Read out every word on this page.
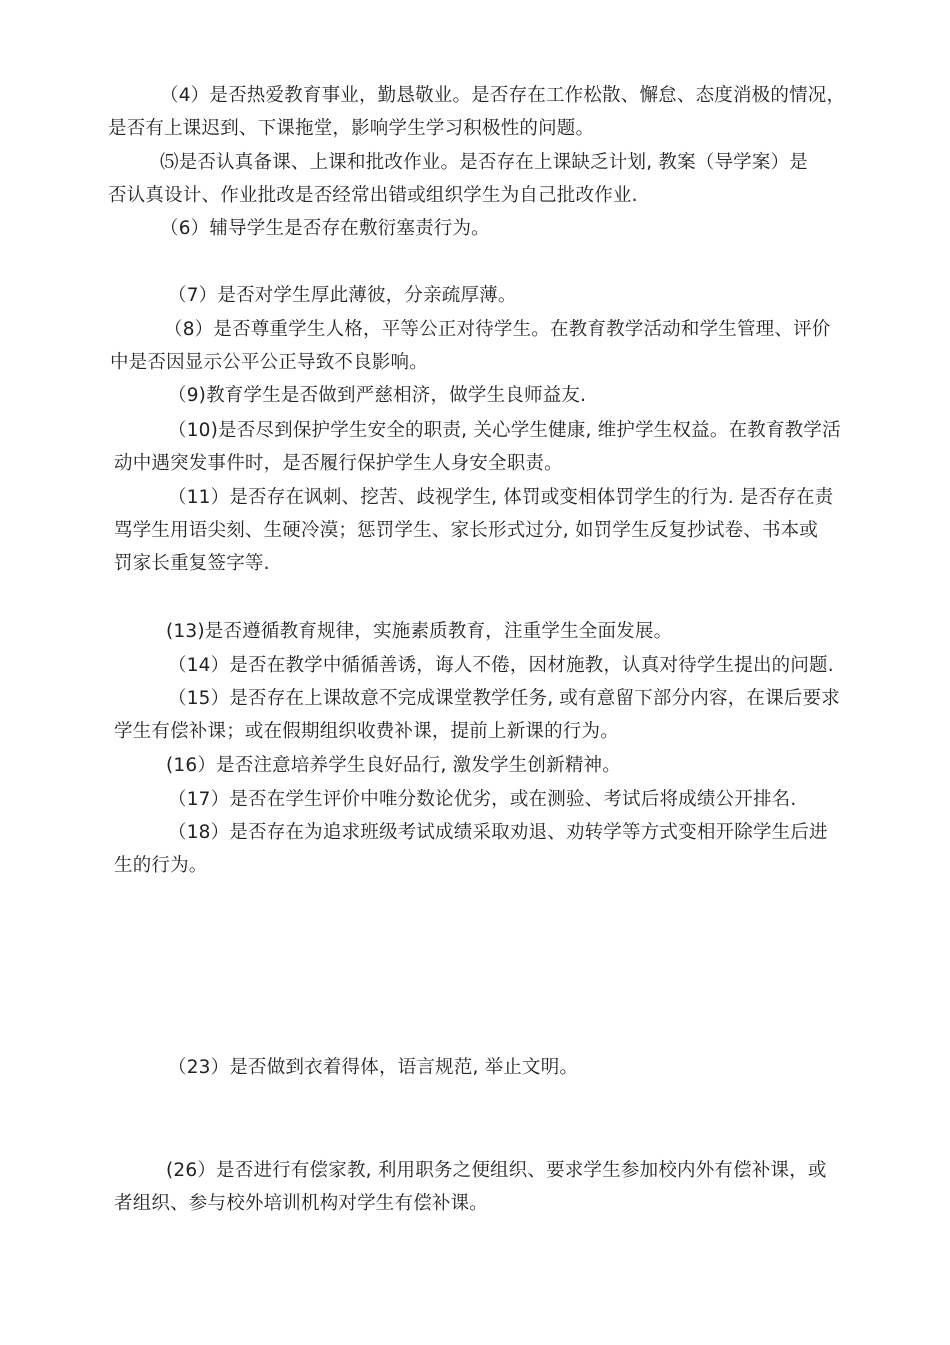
（4）是否热爱教育事业，勤恳敬业。是否存在工作松散、懈怠、态度消极的情况，
是否有上课迟到、下课拖堂，影响学生学习积极性的问题。
⑸是否认真备课、上课和批改作业。是否存在上课缺乏计划, 教案（导学案）是
否认真设计、作业批改是否经常出错或组织学生为自己批改作业.
（6）辅导学生是否存在敷衍塞责行为。
（7）是否对学生厚此薄彼，分亲疏厚薄。
（8）是否尊重学生人格，平等公正对待学生。在教育教学活动和学生管理、评价
中是否因显示公平公正导致不良影响。
（9)教育学生是否做到严慈相济，做学生良师益友.
（10)是否尽到保护学生安全的职责, 关心学生健康, 维护学生权益。在教育教学活
动中遇突发事件时，是否履行保护学生人身安全职责。
（11）是否存在讽刺、挖苦、歧视学生, 体罚或变相体罚学生的行为. 是否存在责
骂学生用语尖刻、生硬冷漠；惩罚学生、家长形式过分, 如罚学生反复抄试卷、书本或
罚家长重复签字等.
(13)是否遵循教育规律，实施素质教育，注重学生全面发展。
（14）是否在教学中循循善诱，诲人不倦，因材施教，认真对待学生提出的问题.
（15）是否存在上课故意不完成课堂教学任务, 或有意留下部分内容，在课后要求
学生有偿补课；或在假期组织收费补课，提前上新课的行为。
(16）是否注意培养学生良好品行, 激发学生创新精神。
（17）是否在学生评价中唯分数论优劣，或在测验、考试后将成绩公开排名.
（18）是否存在为追求班级考试成绩采取劝退、劝转学等方式变相开除学生后进
生的行为。
（23）是否做到衣着得体，语言规范, 举止文明。
(26）是否进行有偿家教, 利用职务之便组织、要求学生参加校内外有偿补课，或
者组织、参与校外培训机构对学生有偿补课。
